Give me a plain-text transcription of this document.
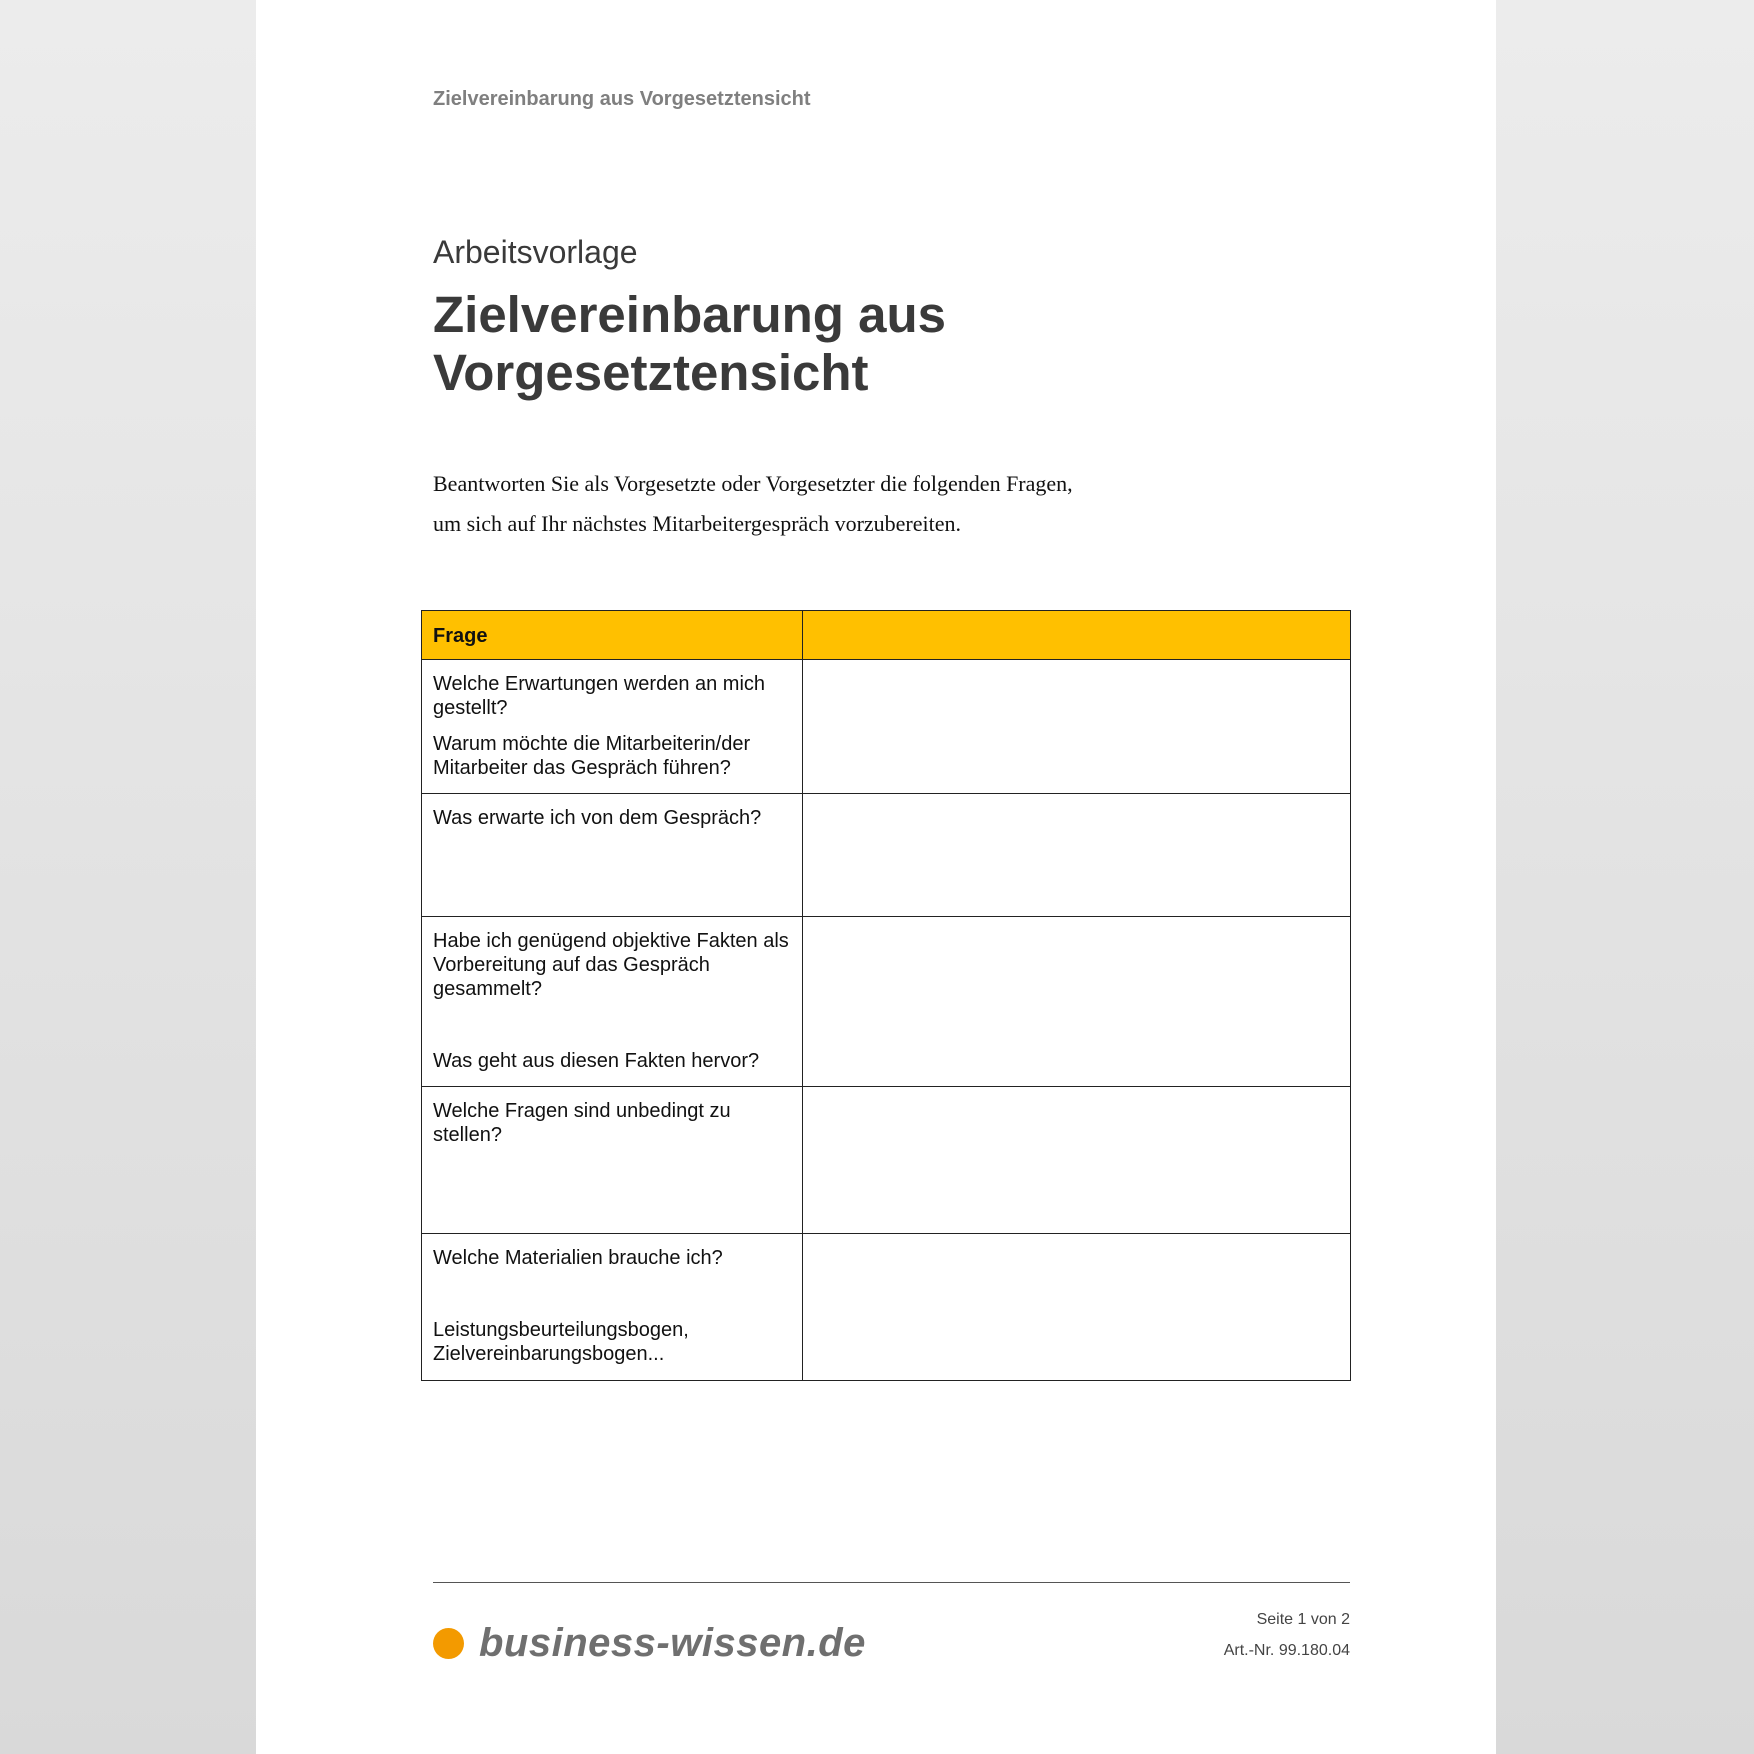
Zielvereinbarung aus Vorgesetztensicht
Arbeitsvorlage
Zielvereinbarung aus
Vorgesetztensicht
Beantworten Sie als Vorgesetzte oder Vorgesetzter die folgenden Fragen,
um sich auf Ihr nächstes Mitarbeitergespräch vorzubereiten.
Frage	

Welche Erwartungen werden an mich gestellt?
Warum möchte die Mitarbeiterin/der Mitarbeiter das Gespräch führen?	

Was erwarte ich von dem Gespräch?	

Habe ich genügend objektive Fakten als Vorbereitung auf das Gespräch gesammelt?
Was geht aus diesen Fakten hervor?	

Welche Fragen sind unbedingt zu stellen?	

Welche Materialien brauche ich?
Leistungsbeurteilungsbogen, Zielvereinbarungsbogen...	

business-wissen.de
Seite 1 von 2
Art.-Nr. 99.180.04
